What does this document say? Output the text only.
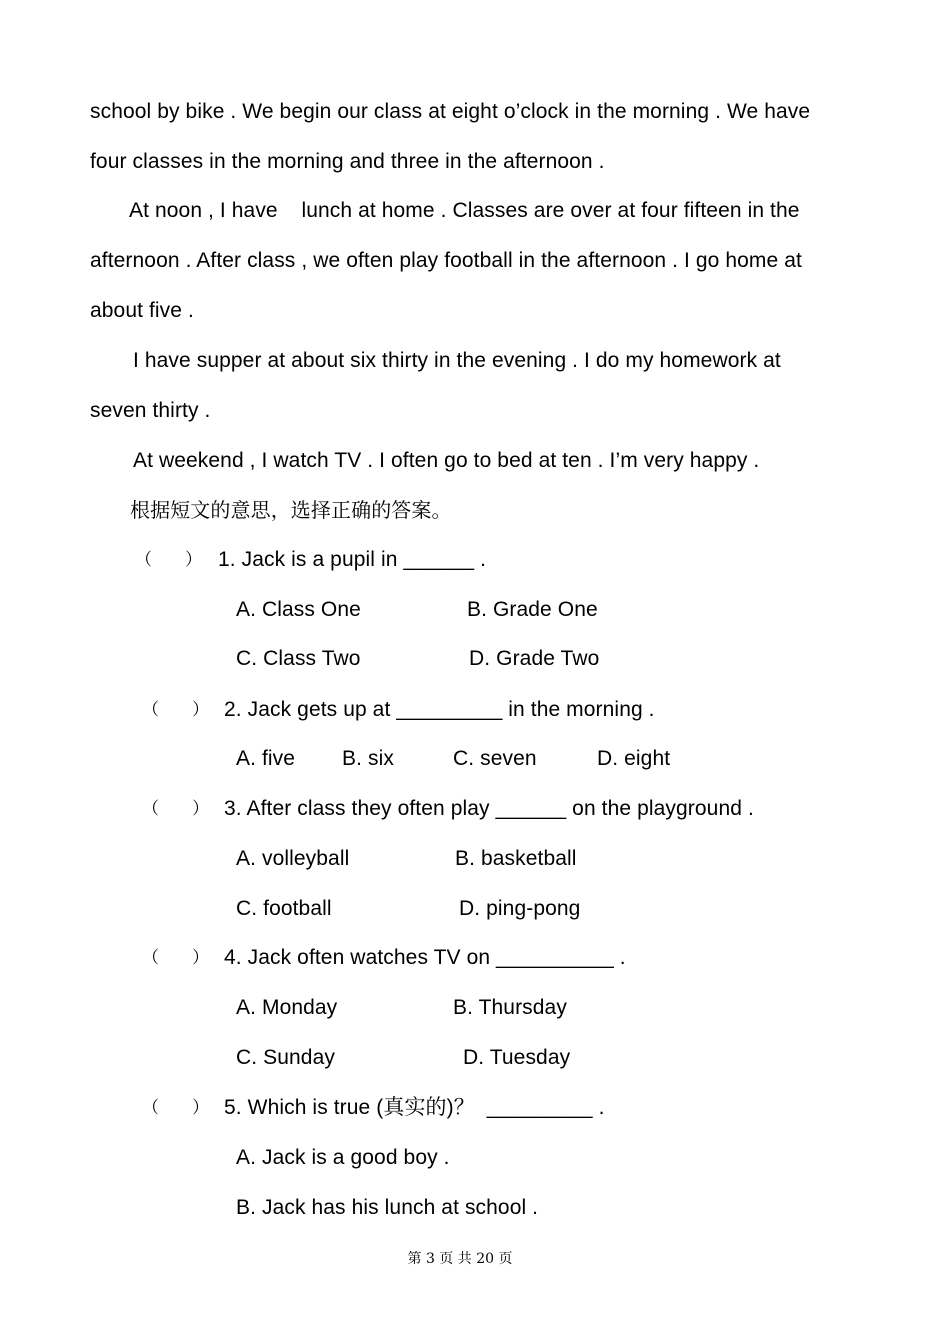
school by bike . We begin our class at eight o’clock in the morning . We have
four classes in the morning and three in the afternoon .
At noon , I have    lunch at home . Classes are over at four fifteen in the
afternoon . After class , we often play football in the afternoon . I go home at
about five .
I have supper at about six thirty in the evening . I do my homework at
seven thirty .
At weekend , I watch TV . I often go to bed at ten . I’m very happy .
根据短文的意思，选择正确的答案。
（      ） 1. Jack is a pupil in ______ .
A. Class One	B. Grade One
C. Class Two	D. Grade Two
（      ） 2. Jack gets up at _________ in the morning .
A. five B. six	C. seven	D. eight
（      ） 3. After class they often play ______ on the playground .
A. volleyball	B. basketball
C. football	D. ping-pong
（      ） 4. Jack often watches TV on __________ .
A. Monday	B. Thursday
C. Sunday	D. Tuesday
（      ） 5. Which is true (真实的)？  _________ .
A. Jack is a good boy .
B. Jack has his lunch at school .
第 3 页 共 20 页
